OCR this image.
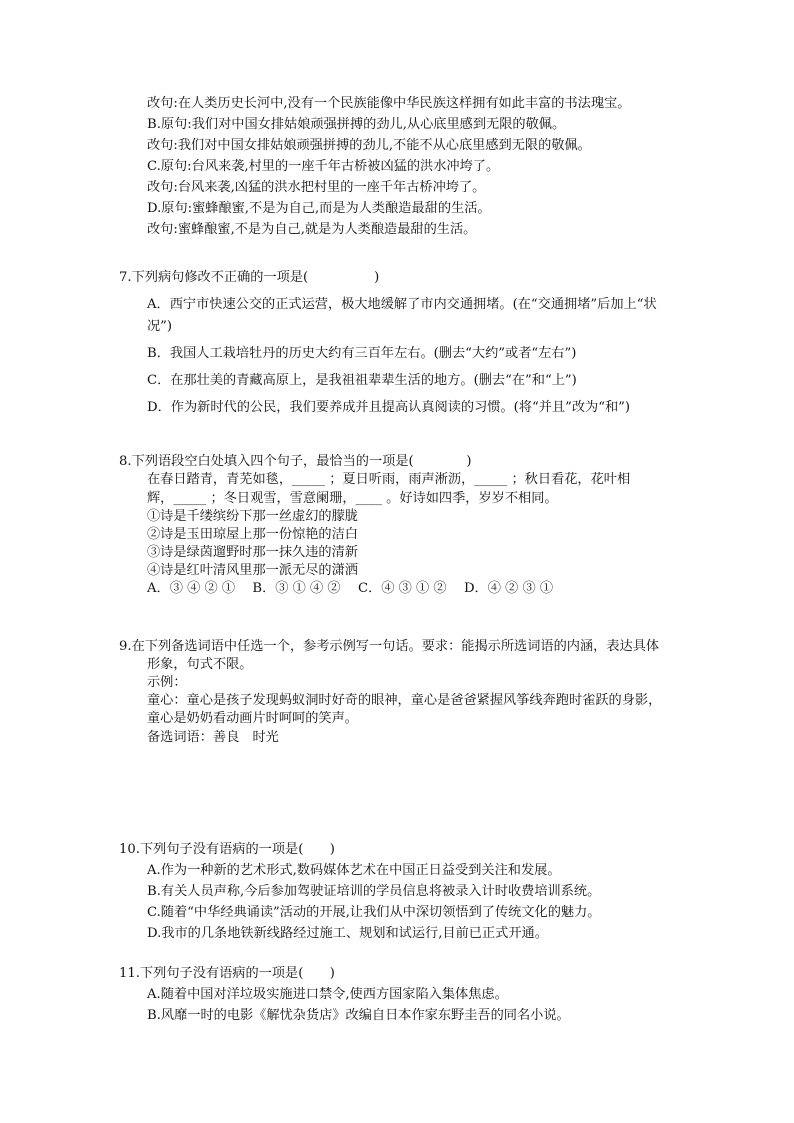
改句:在人类历史长河中,没有一个民族能像中华民族这样拥有如此丰富的书法瑰宝。
B.原句:我们对中国女排姑娘顽强拼搏的劲儿,从心底里感到无限的敬佩。
改句:我们对中国女排姑娘顽强拼搏的劲儿,不能不从心底里感到无限的敬佩。
C.原句:台风来袭,村里的一座千年古桥被凶猛的洪水冲垮了。
改句:台风来袭,凶猛的洪水把村里的一座千年古桥冲垮了。
D.原句:蜜蜂酿蜜,不是为自己,而是为人类酿造最甜的生活。
改句:蜜蜂酿蜜,不是为自己,就是为人类酿造最甜的生活。
7.下列病句修改不正确的一项是(　　　　　)
A．西宁市快速公交的正式运营，极大地缓解了市内交通拥堵。(在“交通拥堵”后加上“状
况”)
B．我国人工栽培牡丹的历史大约有三百年左右。(删去“大约”或者“左右”)
C．在那壮美的青藏高原上，是我祖祖辈辈生活的地方。(删去“在”和“上”)
D．作为新时代的公民，我们要养成并且提高认真阅读的习惯。(将“并且”改为“和”)
8.下列语段空白处填入四个句子，最恰当的一项是(　　　　)
在春日踏青，青芜如毯，_____ ；夏日听雨，雨声淅沥，_____ ；秋日看花，花叶相
辉，_____ ；冬日观雪，雪意阑珊，____ 。好诗如四季，岁岁不相同。
①诗是千缕缤纷下那一丝虚幻的朦胧
②诗是玉田琼屋上那一份惊艳的洁白
③诗是绿茵遛野时那一抹久违的清新
④诗是红叶清风里那一派无尽的潇洒
A．③ ④ ② ①　 B．③ ① ④ ②　 C．④ ③ ① ②　 D．④ ② ③ ①
9.在下列备选词语中任选一个，参考示例写一句话。要求：能揭示所选词语的内涵，表达具体
形象，句式不限。
示例：
童心：童心是孩子发现蚂蚁洞时好奇的眼神，童心是爸爸紧握风筝线奔跑时雀跃的身影，
童心是奶奶看动画片时呵呵的笑声。
备选词语：善良　时光
10.下列句子没有语病的一项是(　　)
A.作为一种新的艺术形式,数码媒体艺术在中国正日益受到关注和发展。
B.有关人员声称,今后参加驾驶证培训的学员信息将被录入计时收费培训系统。
C.随着“中华经典诵读”活动的开展,让我们从中深切领悟到了传统文化的魅力。
D.我市的几条地铁新线路经过施工、规划和试运行,目前已正式开通。
11.下列句子没有语病的一项是(　　)
A.随着中国对洋垃圾实施进口禁令,使西方国家陷入集体焦虑。
B.风靡一时的电影《解忧杂货店》改编自日本作家东野圭吾的同名小说。
